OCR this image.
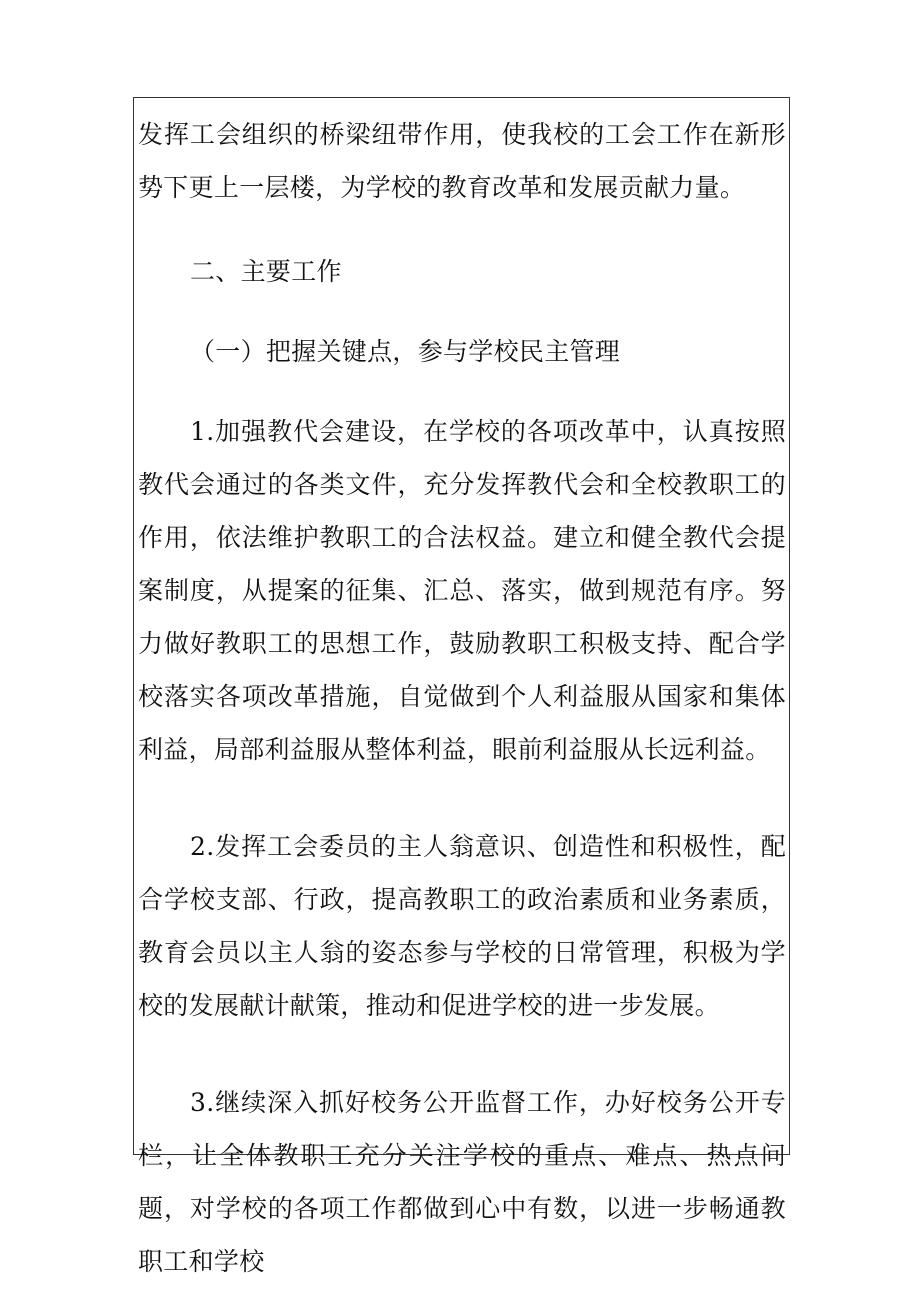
发挥工会组织的桥梁纽带作用，使我校的工会工作在新形势下更上一层楼，为学校的教育改革和发展贡献力量。

二、主要工作

（一）把握关键点，参与学校民主管理

1.加强教代会建设，在学校的各项改革中，认真按照教代会通过的各类文件，充分发挥教代会和全校教职工的作用，依法维护教职工的合法权益。建立和健全教代会提案制度，从提案的征集、汇总、落实，做到规范有序。努力做好教职工的思想工作，鼓励教职工积极支持、配合学校落实各项改革措施，自觉做到个人利益服从国家和集体利益，局部利益服从整体利益，眼前利益服从长远利益。

2.发挥工会委员的主人翁意识、创造性和积极性，配合学校支部、行政，提高教职工的政治素质和业务素质，教育会员以主人翁的姿态参与学校的日常管理，积极为学校的发展献计献策，推动和促进学校的进一步发展。

3.继续深入抓好校务公开监督工作，办好校务公开专栏，让全体教职工充分关注学校的重点、难点、热点问题，对学校的各项工作都做到心中有数，以进一步畅通教职工和学校
